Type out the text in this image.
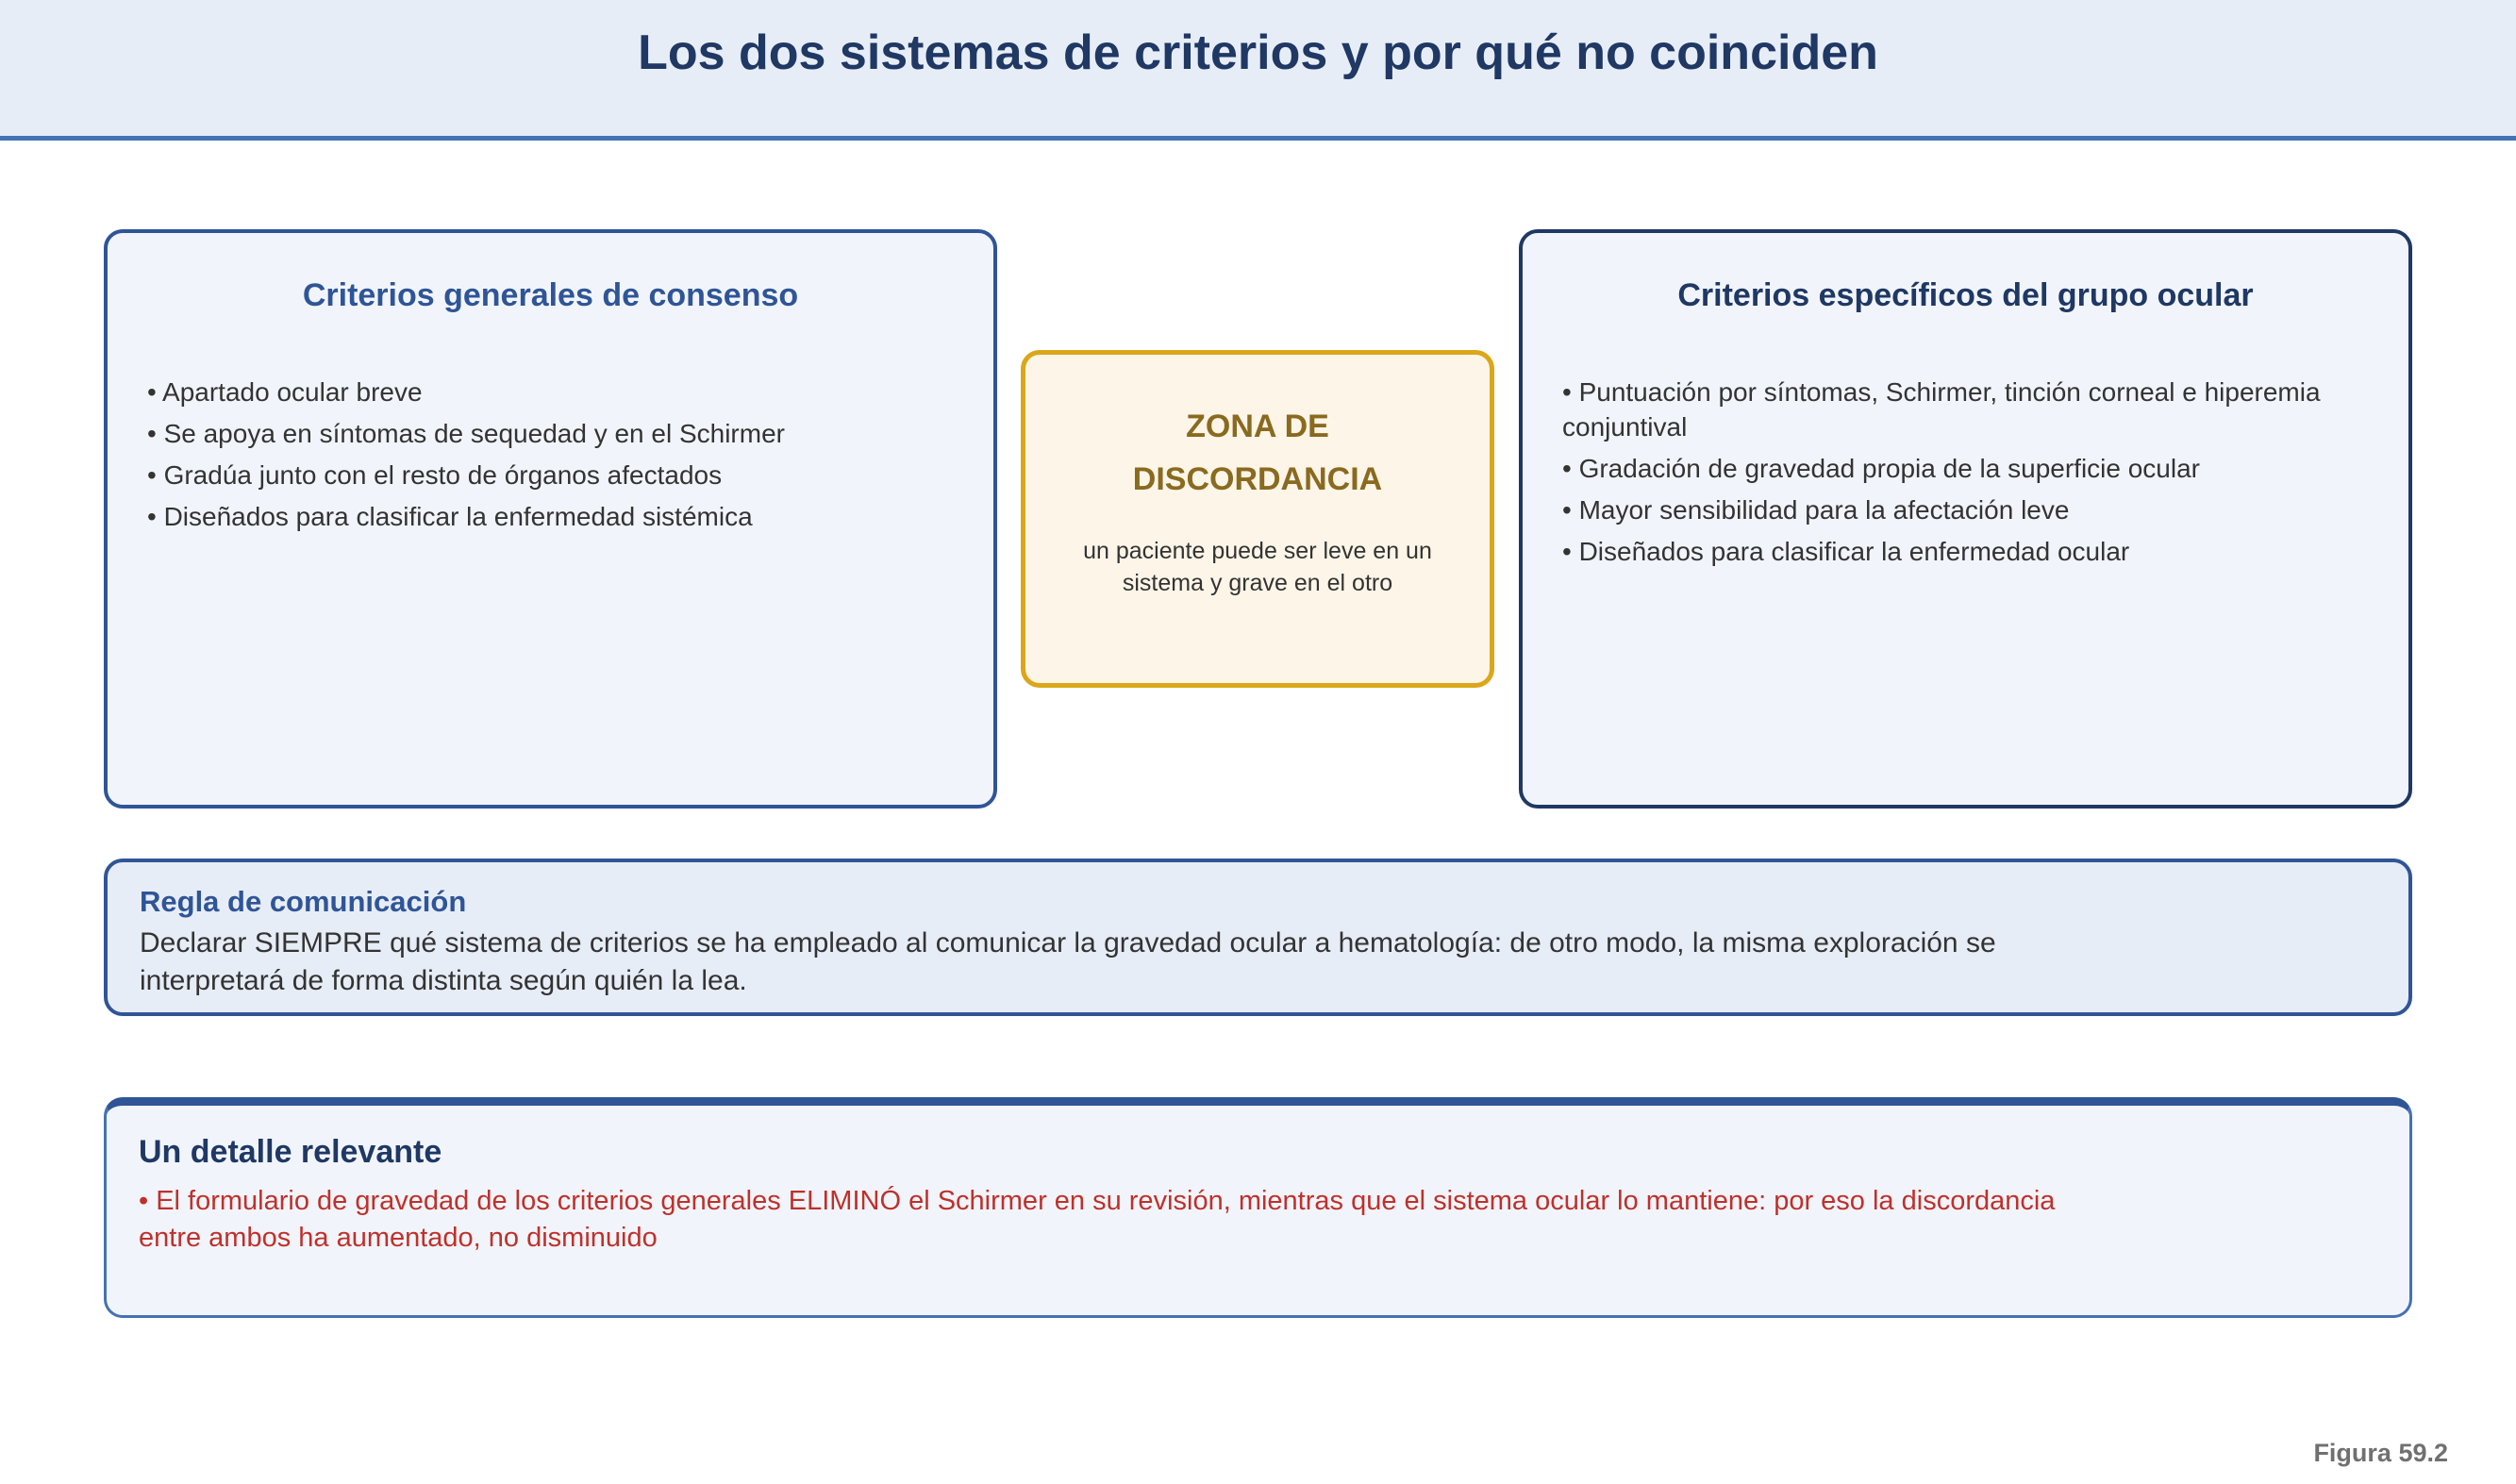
Los dos sistemas de criterios y por qué no coinciden
Criterios generales de consenso
• Apartado ocular breve
• Se apoya en síntomas de sequedad y en el Schirmer
• Gradúa junto con el resto de órganos afectados
• Diseñados para clasificar la enfermedad sistémica
ZONA DE
DISCORDANCIA
un paciente puede ser leve en un sistema y grave en el otro
Criterios específicos del grupo ocular
• Puntuación por síntomas, Schirmer, tinción corneal e hiperemia conjuntival
• Gradación de gravedad propia de la superficie ocular
• Mayor sensibilidad para la afectación leve
• Diseñados para clasificar la enfermedad ocular
Regla de comunicación
Declarar SIEMPRE qué sistema de criterios se ha empleado al comunicar la gravedad ocular a hematología: de otro modo, la misma exploración se interpretará de forma distinta según quién la lea.
Un detalle relevante
• El formulario de gravedad de los criterios generales ELIMINÓ el Schirmer en su revisión, mientras que el sistema ocular lo mantiene: por eso la discordancia entre ambos ha aumentado, no disminuido
Figura 59.2
